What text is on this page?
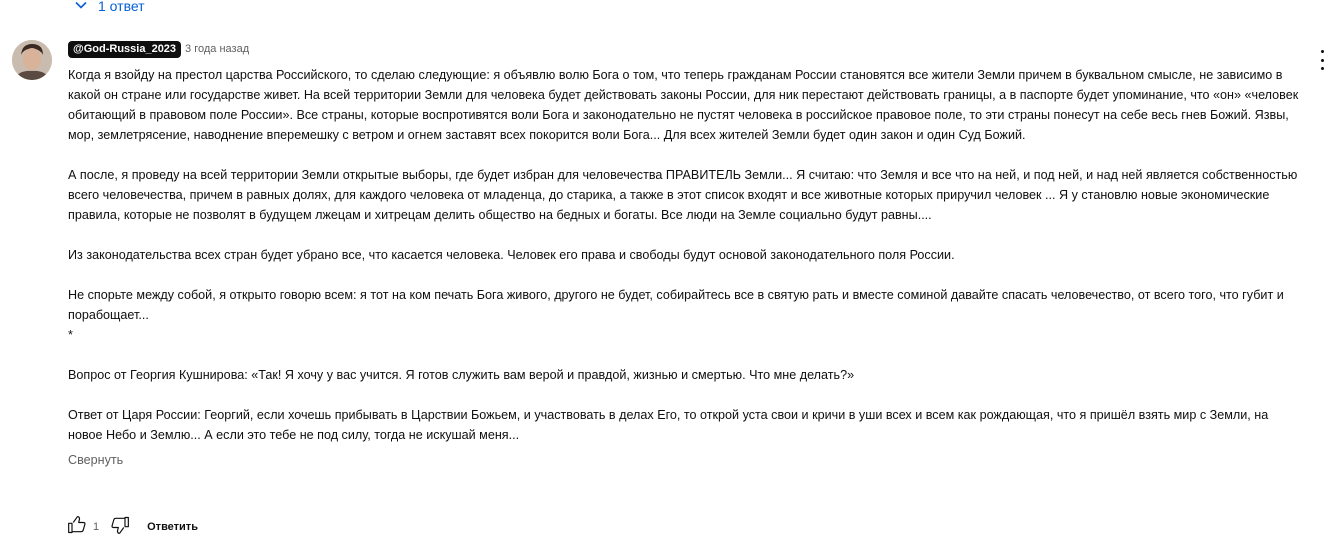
1 ответ
@God-Russia_2023 3 года назад
Когда я взойду на престол царства Российского, то сделаю следующие: я объявлю волю Бога о том, что теперь гражданам России становятся все жители Земли причем в буквальном смысле, не зависимо в какой он стране или государстве живет. На всей территории Земли для человека будет действовать законы России, для ник перестают действовать границы, а в паспорте будет упоминание, что «он» «человек обитающий в правовом поле России». Все страны, которые воспротивятся воли Бога и законодательно не пустят человека в российское правовое поле, то эти страны понесут на себе весь гнев Божий. Язвы, мор, землетрясение, наводнение вперемешку с ветром и огнем заставят всех покорится воли Бога... Для всех жителей Земли будет один закон и один Суд Божий.

А после, я проведу на всей территории Земли открытые выборы, где будет избран для человечества ПРАВИТЕЛЬ Земли... Я считаю: что Земля и все что на ней, и под ней, и над ней является собственностью всего человечества, причем в равных долях, для каждого человека от младенца, до старика, а также в этот список входят и все животные которых приручил человек ... Я у становлю новые экономические правила, которые не позволят в будущем лжецам и хитрецам делить общество на бедных и богаты. Все люди на Земле социально будут равны....

Из законодательства всех стран будет убрано все, что касается человека. Человек его права и свободы будут основой законодательного поля России.

Не спорьте между собой, я открыто говорю всем: я тот на ком печать Бога живого, другого не будет, собирайтесь все в святую рать и вместе соминой давайте спасать человечество, от всего того, что губит и порабощает...
*

Вопрос от Георгия Кушнирова: «Так! Я хочу у вас учится. Я готов служить вам верой и правдой, жизнью и смертью. Что мне делать?»

Ответ от Царя России: Георгий, если хочешь прибывать в Царствии Божьем, и участвовать в делах Его, то открой уста свои и кричи в уши всех и всем как рождающая, что я пришёл взять мир с Земли, на новое Небо и Землю... А если это тебе не под силу, тогда не искушай меня...
Свернуть
1	Ответить
